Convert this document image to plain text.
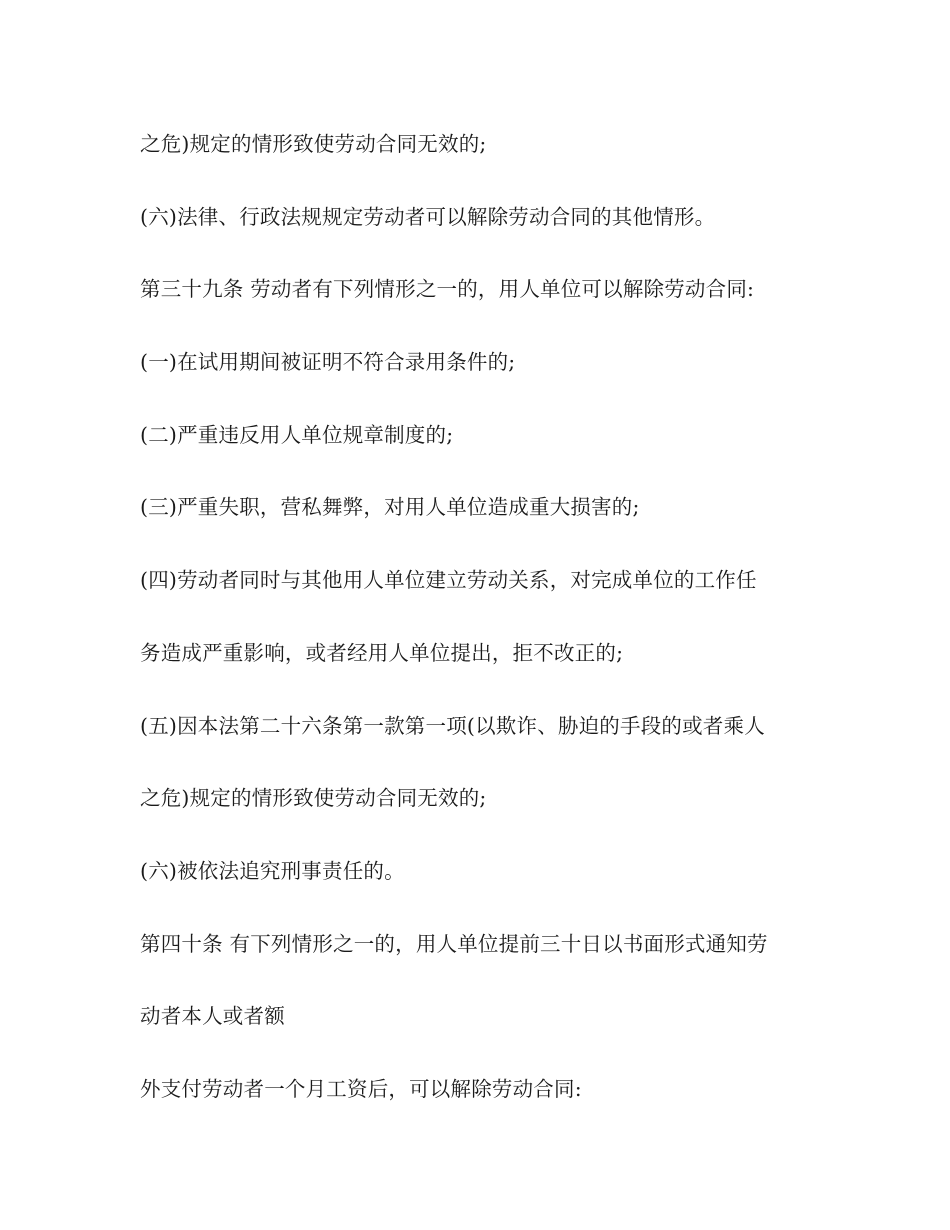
之危)规定的情形致使劳动合同无效的;
(六)法律、行政法规规定劳动者可以解除劳动合同的其他情形。
第三十九条 劳动者有下列情形之一的，用人单位可以解除劳动合同:
(一)在试用期间被证明不符合录用条件的;
(二)严重违反用人单位规章制度的;
(三)严重失职，营私舞弊，对用人单位造成重大损害的;
(四)劳动者同时与其他用人单位建立劳动关系，对完成单位的工作任
务造成严重影响，或者经用人单位提出，拒不改正的;
(五)因本法第二十六条第一款第一项(以欺诈、胁迫的手段的或者乘人
之危)规定的情形致使劳动合同无效的;
(六)被依法追究刑事责任的。
第四十条 有下列情形之一的，用人单位提前三十日以书面形式通知劳
动者本人或者额
外支付劳动者一个月工资后，可以解除劳动合同:
